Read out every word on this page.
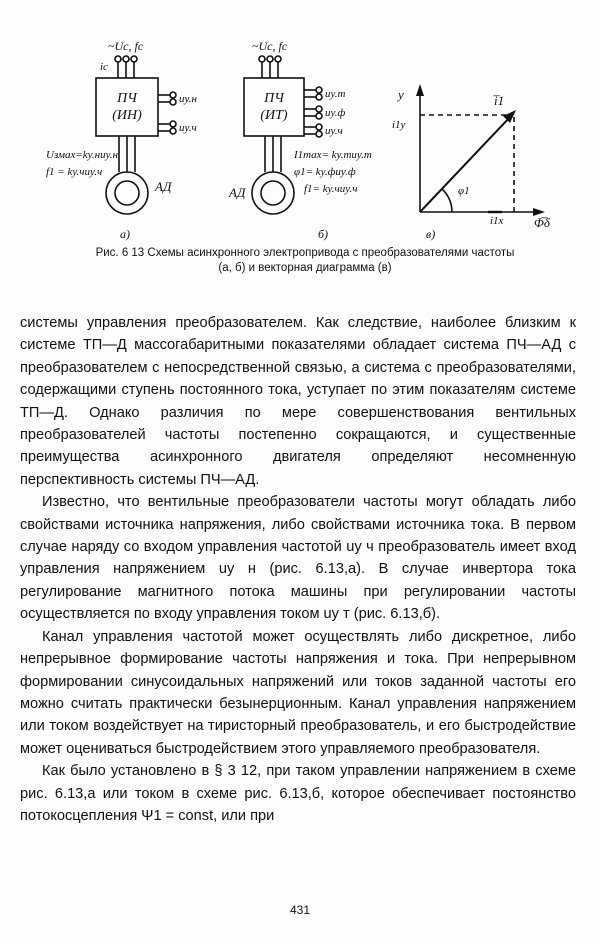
~Uс, fс
iс
ПЧ
(ИН)
uу.н
uу.ч
Uзмаx=kу.нuу.н
f1 = kу.чuу.ч
АД
а)
~Uс, fс
ПЧ
(ИТ)
uу.т
uу.ф
uу.ч
I1max= kу.тuу.т
φ1= kу.фuу.ф
f1= kу.чuу.ч
АД
б)
y	i̅1
i1y
φ1
i1x Φ̅δ
в)
Рис. 6 13 Схемы асинхронного электропривода с преобразователями частоты
(а, б) и векторная диаграмма (в)

системы управления преобразователем. Как следствие, наиболее близким к системе ТП—Д массогабаритными показателями обладает система ПЧ—АД с преобразователем с непосредственной связью, а система с преобразователями, содержащими ступень постоянного тока, уступает по этим показателям системе ТП—Д. Однако различия по мере совершенствования вентильных преобразователей частоты постепенно сокращаются, и существенные преимущества асинхронного двигателя определяют несомненную перспективность системы ПЧ—АД.

Известно, что вентильные преобразователи частоты могут обладать либо свойствами источника напряжения, либо свойствами источника тока. В первом случае наряду со входом управления частотой uу ч преобразователь имеет вход управления напряжением uу н (рис. 6.13,а). В случае инвертора тока регулирование магнитного потока машины при регулировании частоты осуществляется по входу управления током uу т (рис. 6.13,б).

Канал управления частотой может осуществлять либо дискретное, либо непрерывное формирование частоты напряжения и тока. При непрерывном формировании синусоидальных напряжений или токов заданной частоты его можно считать практически безынерционным. Канал управления напряжением или током воздействует на тиристорный преобразователь, и его быстродействие может оцениваться быстродействием этого управляемого преобразователя.

Как было установлено в § 3 12, при таком управлении напряжением в схеме рис. 6.13,а или током в схеме рис. 6.13,б, которое обеспечивает постоянство потокосцепления Ψ1 = const, или при

431
